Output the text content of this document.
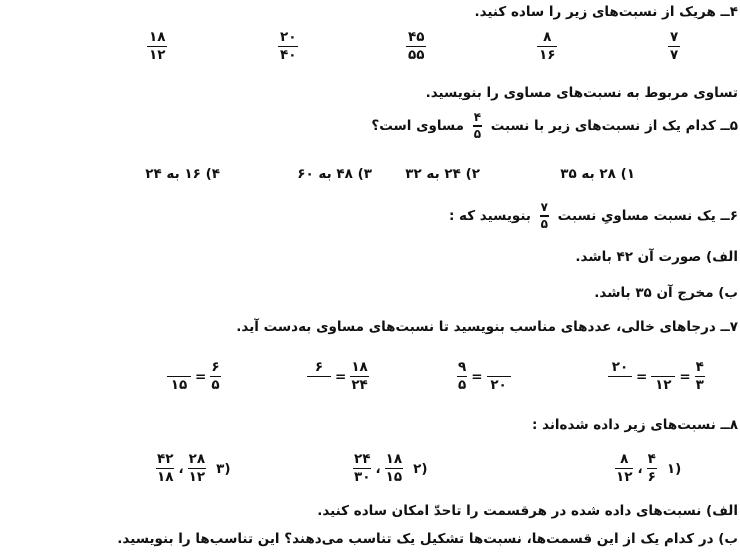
۴ــ هریک از نسبت‌های زیر را ساده کنید.
۷
۷
۸
۱۶
۴۵
۵۵
۲۰
۴۰
۱۸
۱۲
تساوی مربوط به نسبت‌های مساوی را بنویسید.
۵ــ کدام یک از نسبت‌های زیر با نسبت
۴
۵
مساوی است؟
۱) ۲۸ به ۳۵
۲) ۲۴ به ۳۲
۳) ۴۸ به ۶۰
۴) ۱۶ به ۲۴
۶ــ یک نسبت مساویِ نسبت
۷
۵
بنویسید که :
الف) صورت آن ۴۲ باشد.
ب) مخرج آن ۳۵ باشد.
۷ــ درجاهای خالی، عددهای مناسب بنویسید تا نسبت‌های مساوی به‌دست آید.
۴
۳
=
۱۲
=
۲۰
۲۰
=
۹
۵
۱۸
۲۴
=
۶
۶
۵
=
۱۵
۸ــ نسبت‌های زیر داده شده‌اند :
۱)
۴
۶
،
۸
۱۲
۲)
۱۸
۱۵
،
۲۴
۳۰
۳)
۲۸
۱۲
،
۴۲
۱۸
الف) نسبت‌های داده شده در هرقسمت را تاحدّ امکان ساده کنید.
ب) در کدام یک از این قسمت‌ها، نسبت‌ها تشکیل یک تناسب می‌دهند؟ این تناسب‌ها را بنویسید.
